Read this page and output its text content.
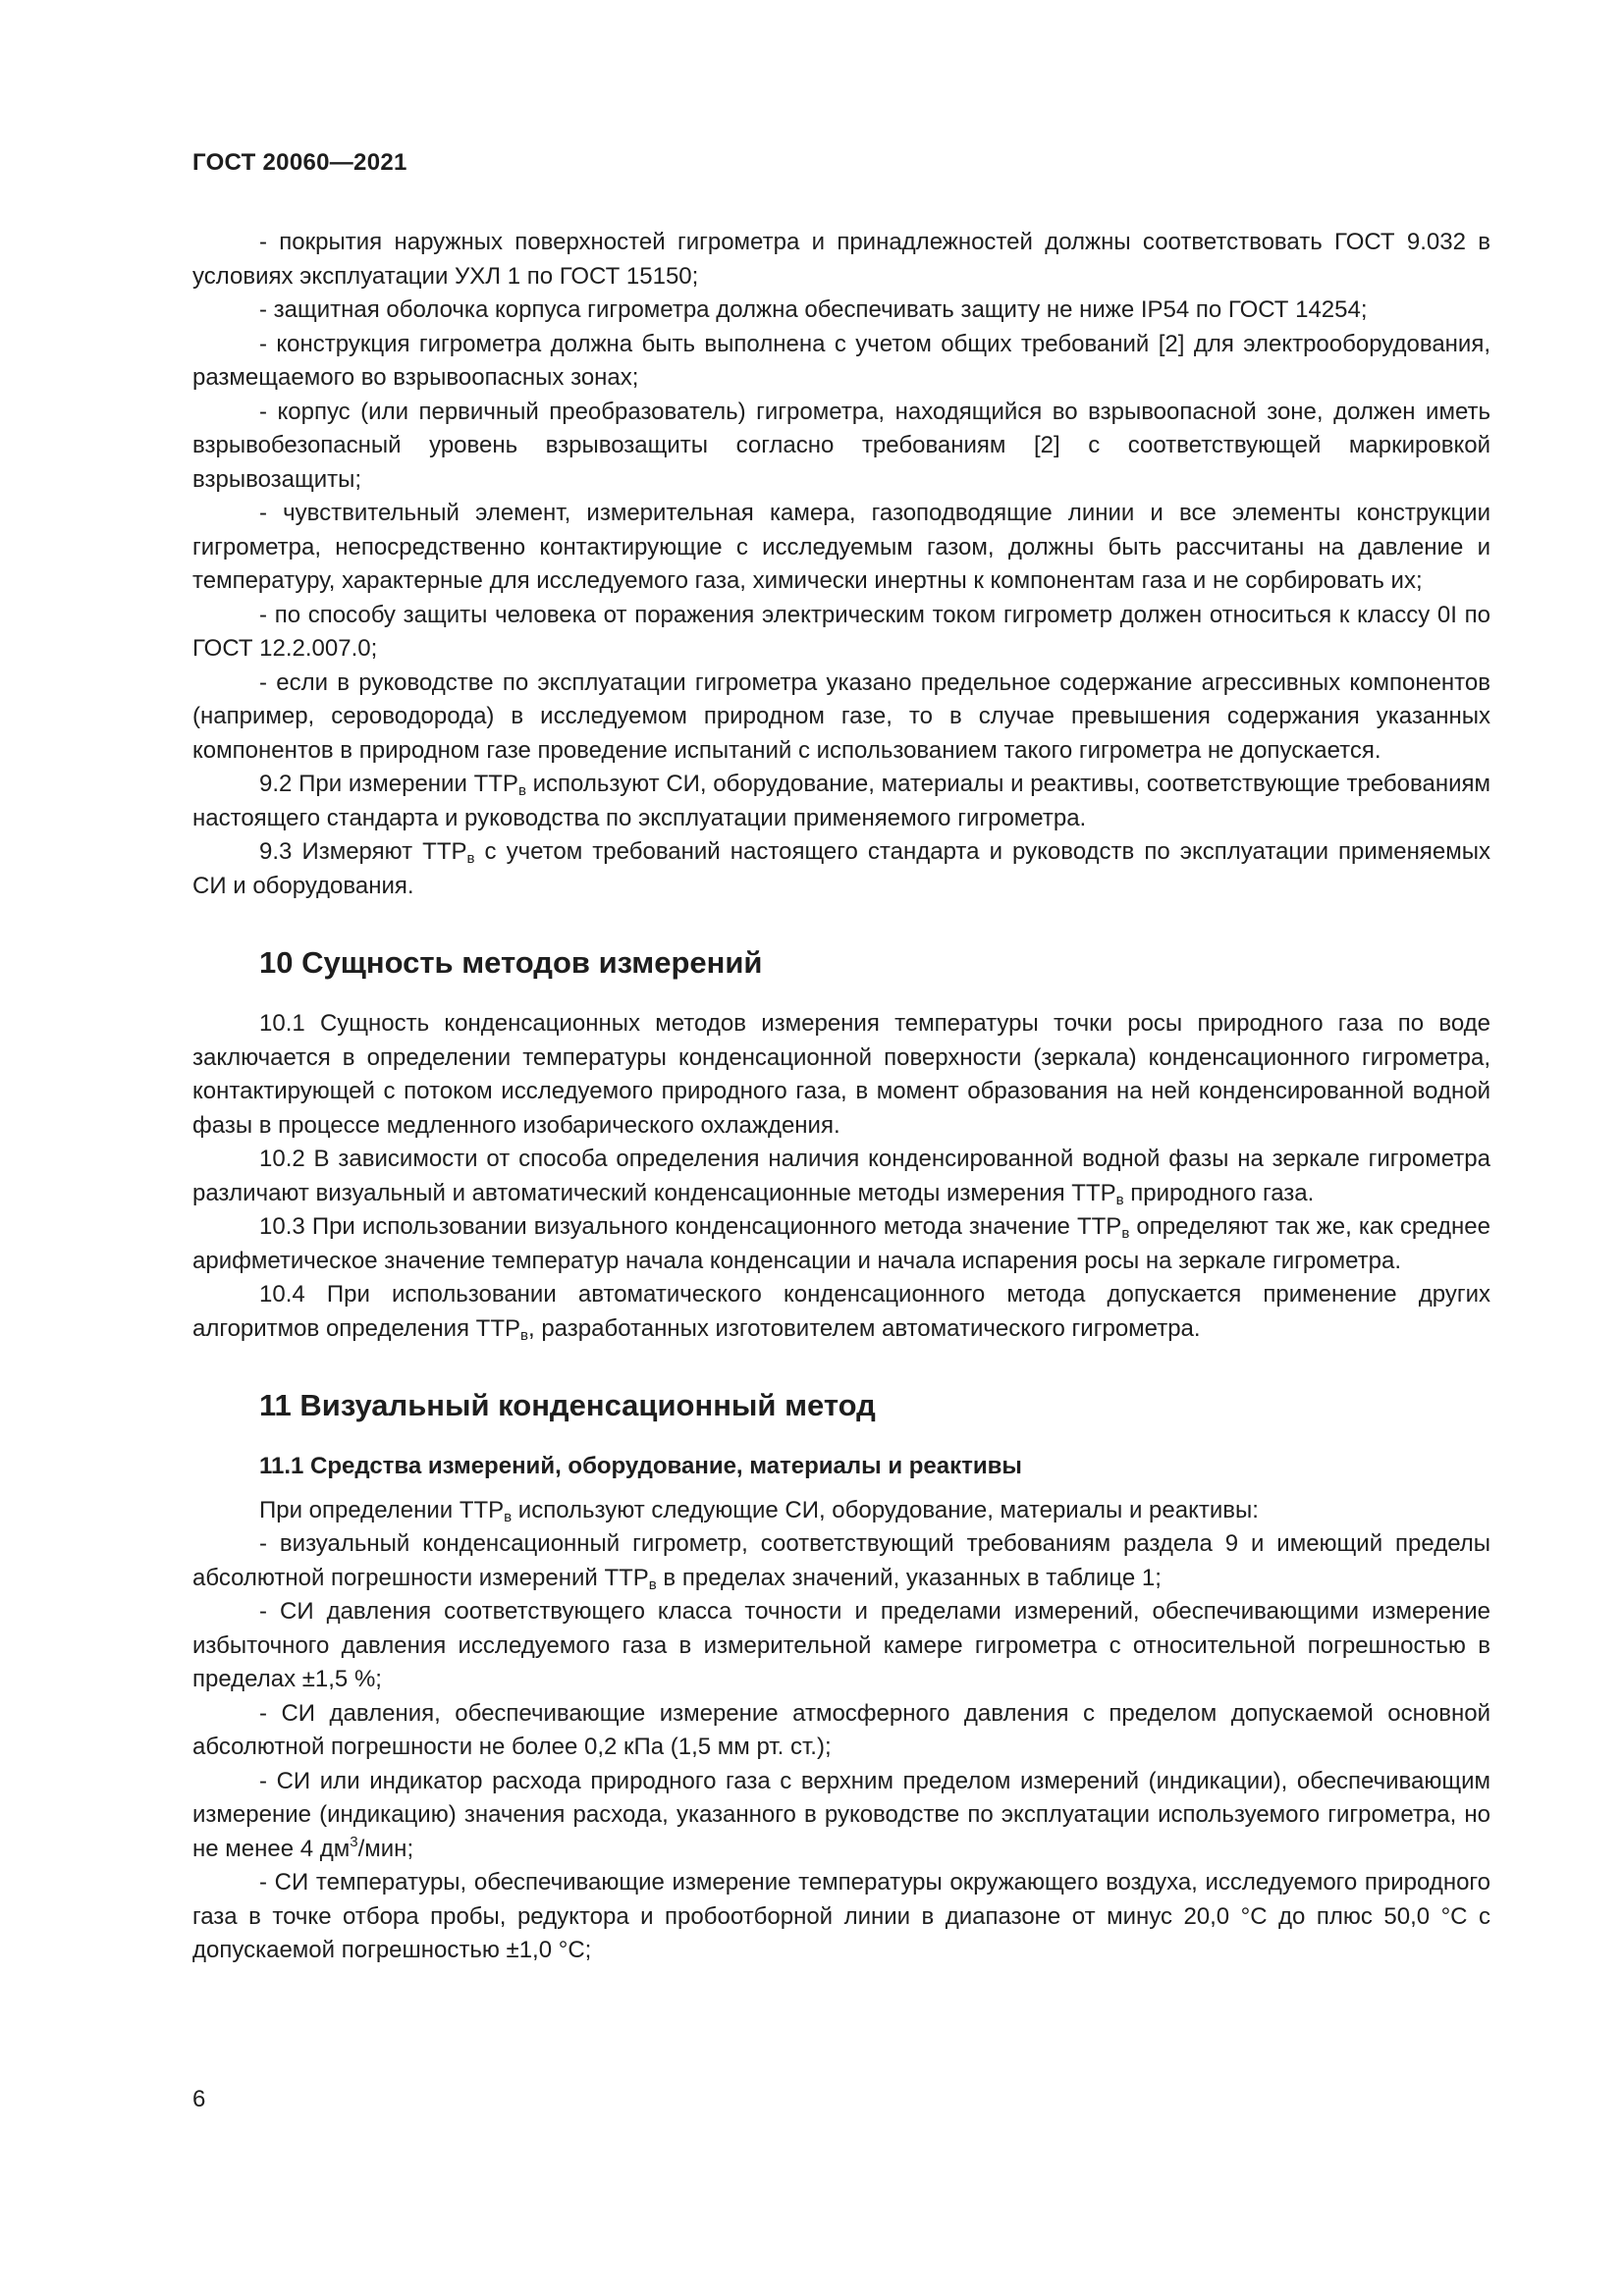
ГОСТ 20060—2021

- покрытия наружных поверхностей гигрометра и принадлежностей должны соответствовать ГОСТ 9.032 в условиях эксплуатации УХЛ 1 по ГОСТ 15150;

- защитная оболочка корпуса гигрометра должна обеспечивать защиту не ниже IP54 по ГОСТ 14254;

- конструкция гигрометра должна быть выполнена с учетом общих требований [2] для электрооборудования, размещаемого во взрывоопасных зонах;

- корпус (или первичный преобразователь) гигрометра, находящийся во взрывоопасной зоне, должен иметь взрывобезопасный уровень взрывозащиты согласно требованиям [2] с соответствующей маркировкой взрывозащиты;

- чувствительный элемент, измерительная камера, газоподводящие линии и все элементы конструкции гигрометра, непосредственно контактирующие с исследуемым газом, должны быть рассчитаны на давление и температуру, характерные для исследуемого газа, химически инертны к компонентам газа и не сорбировать их;

- по способу защиты человека от поражения электрическим током гигрометр должен относиться к классу 0I по ГОСТ 12.2.007.0;

- если в руководстве по эксплуатации гигрометра указано предельное содержание агрессивных компонентов (например, сероводорода) в исследуемом природном газе, то в случае превышения содержания указанных компонентов в природном газе проведение испытаний с использованием такого гигрометра не допускается.

9.2 При измерении $ТТР_в$ используют СИ, оборудование, материалы и реактивы, соответствующие требованиям настоящего стандарта и руководства по эксплуатации применяемого гигрометра.

9.3 Измеряют $ТТР_в$ с учетом требований настоящего стандарта и руководств по эксплуатации применяемых СИ и оборудования.

10 Сущность методов измерений

10.1 Сущность конденсационных методов измерения температуры точки росы природного газа по воде заключается в определении температуры конденсационной поверхности (зеркала) конденсационного гигрометра, контактирующей с потоком исследуемого природного газа, в момент образования на ней конденсированной водной фазы в процессе медленного изобарического охлаждения.

10.2 В зависимости от способа определения наличия конденсированной водной фазы на зеркале гигрометра различают визуальный и автоматический конденсационные методы измерения $ТТР_в$ природного газа.

10.3 При использовании визуального конденсационного метода значение $ТТР_в$ определяют так же, как среднее арифметическое значение температур начала конденсации и начала испарения росы на зеркале гигрометра.

10.4 При использовании автоматического конденсационного метода допускается применение других алгоритмов определения $ТТР_в$, разработанных изготовителем автоматического гигрометра.

11 Визуальный конденсационный метод
11.1 Средства измерений, оборудование, материалы и реактивы

При определении $ТТР_в$ используют следующие СИ, оборудование, материалы и реактивы:

- визуальный конденсационный гигрометр, соответствующий требованиям раздела 9 и имеющий пределы абсолютной погрешности измерений $ТТР_в$ в пределах значений, указанных в таблице 1;

- СИ давления соответствующего класса точности и пределами измерений, обеспечивающими измерение избыточного давления исследуемого газа в измерительной камере гигрометра с относительной погрешностью в пределах ±1,5 %;

- СИ давления, обеспечивающие измерение атмосферного давления с пределом допускаемой основной абсолютной погрешности не более 0,2 кПа (1,5 мм рт. ст.);

- СИ или индикатор расхода природного газа с верхним пределом измерений (индикации), обеспечивающим измерение (индикацию) значения расхода, указанного в руководстве по эксплуатации используемого гигрометра, но не менее 4 $дм^3$/мин;

- СИ температуры, обеспечивающие измерение температуры окружающего воздуха, исследуемого природного газа в точке отбора пробы, редуктора и пробоотборной линии в диапазоне от минус 20,0 °С до плюс 50,0 °С с допускаемой погрешностью ±1,0 °С;

6
